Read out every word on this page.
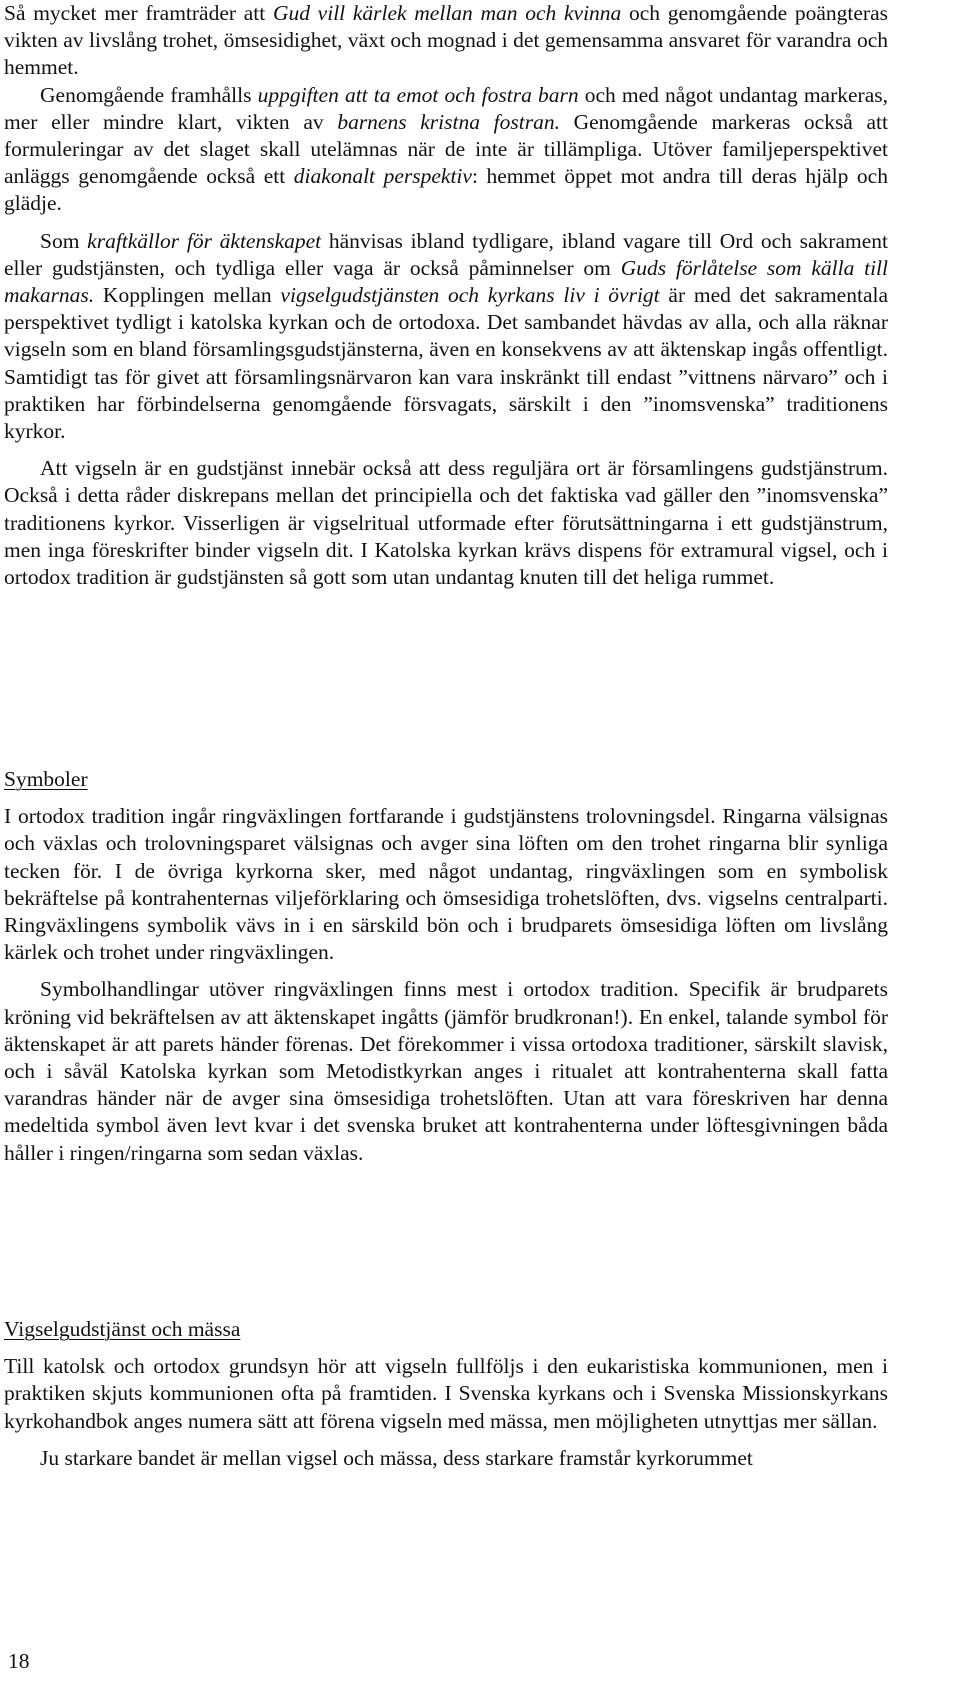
Så mycket mer framträder att Gud vill kärlek mellan man och kvinna och genomgående poängteras vikten av livslång trohet, ömsesidighet, växt och mognad i det gemensamma ansvaret för varandra och hemmet.

Genomgående framhålls uppgiften att ta emot och fostra barn och med något undantag markeras, mer eller mindre klart, vikten av barnens kristna fostran. Genomgående markeras också att formuleringar av det slaget skall utelämnas när de inte är tillämpliga. Utöver familjeperspektivet anläggs genomgående också ett diakonalt perspektiv: hemmet öppet mot andra till deras hjälp och glädje.

Som kraftkällor för äktenskapet hänvisas ibland tydligare, ibland vagare till Ord och sakrament eller gudstjänsten, och tydliga eller vaga är också påminnelser om Guds förlåtelse som källa till makarnas. Kopplingen mellan vigselgudstjänsten och kyrkans liv i övrigt är med det sakramentala perspektivet tydligt i katolska kyrkan och de ortodoxa. Det sambandet hävdas av alla, och alla räknar vigseln som en bland församlingsgudstjänsterna, även en konsekvens av att äktenskap ingås offentligt. Samtidigt tas för givet att församlingsnärvaron kan vara inskränkt till endast ”vittnens närvaro” och i praktiken har förbindelserna genomgående försvagats, särskilt i den ”inomsvenska” traditionens kyrkor.

Att vigseln är en gudstjänst innebär också att dess reguljära ort är församlingens gudstjänstrum. Också i detta råder diskrepans mellan det principiella och det faktiska vad gäller den ”inomsvenska” traditionens kyrkor. Visserligen är vigselritual utformade efter förutsättningarna i ett gudstjänstrum, men inga föreskrifter binder vigseln dit. I Katolska kyrkan krävs dispens för extramural vigsel, och i ortodox tradition är gudstjänsten så gott som utan undantag knuten till det heliga rummet.

Symboler

I ortodox tradition ingår ringväxlingen fortfarande i gudstjänstens trolovningsdel. Ringarna välsignas och växlas och trolovningsparet välsignas och avger sina löften om den trohet ringarna blir synliga tecken för. I de övriga kyrkorna sker, med något undantag, ringväxlingen som en symbolisk bekräftelse på kontrahenternas viljeförklaring och ömsesidiga trohetslöften, dvs. vigselns centralparti. Ringväxlingens symbolik vävs in i en särskild bön och i brudparets ömsesidiga löften om livslång kärlek och trohet under ringväxlingen.

Symbolhandlingar utöver ringväxlingen finns mest i ortodox tradition. Specifik är brudparets kröning vid bekräftelsen av att äktenskapet ingåtts (jämför brudkronan!). En enkel, talande symbol för äktenskapet är att parets händer förenas. Det förekommer i vissa ortodoxa traditioner, särskilt slavisk, och i såväl Katolska kyrkan som Metodistkyrkan anges i ritualet att kontrahenterna skall fatta varandras händer när de avger sina ömsesidiga trohetslöften. Utan att vara föreskriven har denna medeltida symbol även levt kvar i det svenska bruket att kontrahenterna under löftesgivningen båda håller i ringen/ringarna som sedan växlas.

Vigselgudstjänst och mässa

Till katolsk och ortodox grundsyn hör att vigseln fullföljs i den eukaristiska kommunionen, men i praktiken skjuts kommunionen ofta på framtiden. I Svenska kyrkans och i Svenska Missionskyrkans kyrkohandbok anges numera sätt att förena vigseln med mässa, men möjligheten utnyttjas mer sällan.

Ju starkare bandet är mellan vigsel och mässa, dess starkare framstår kyrkorummet

18
